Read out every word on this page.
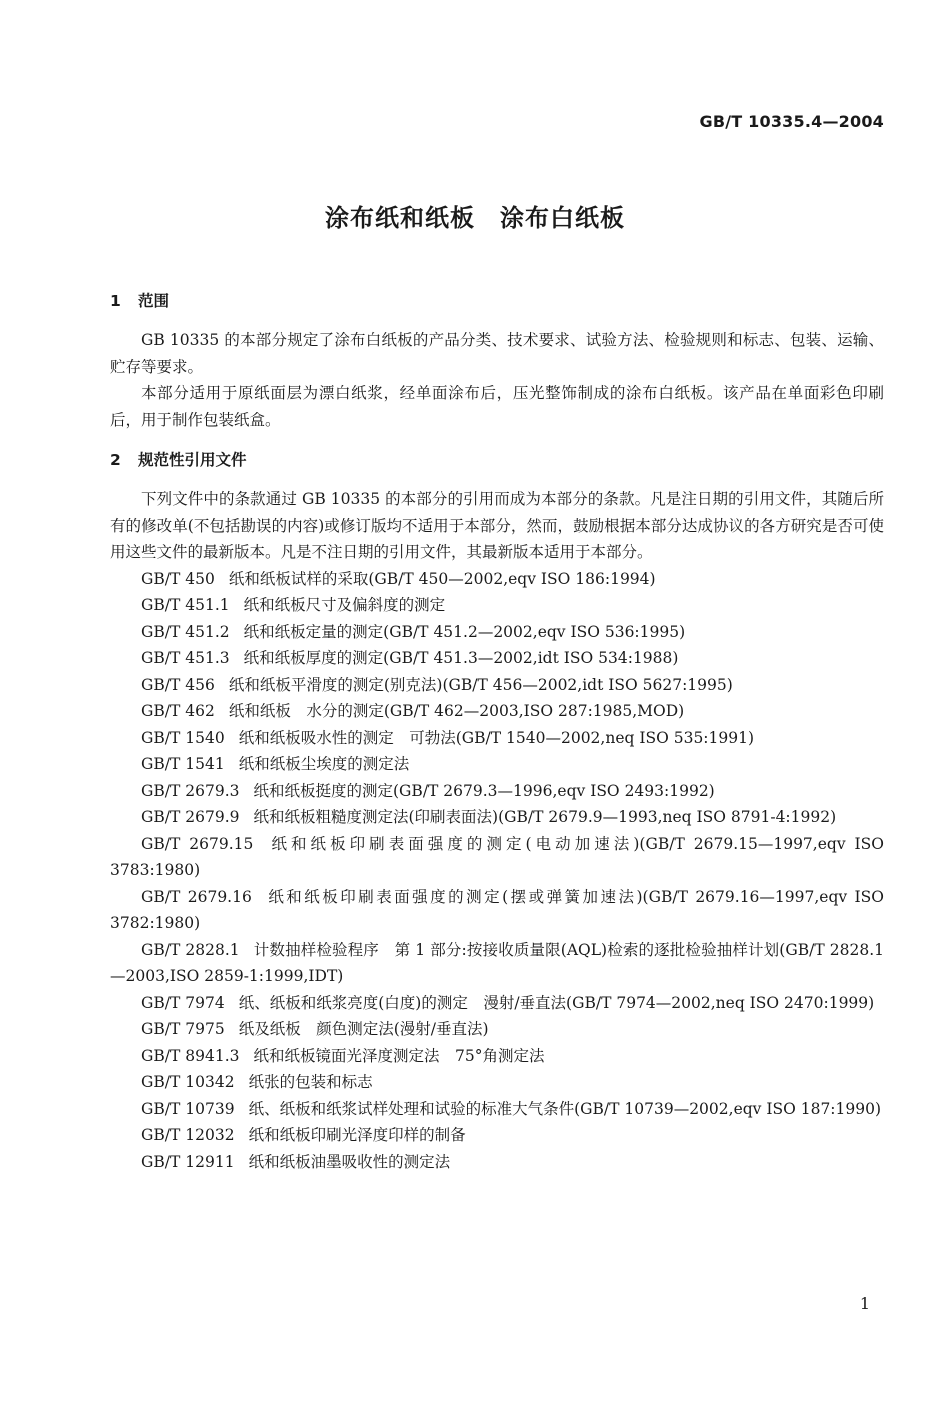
GB/T 10335.4—2004
涂布纸和纸板　涂布白纸板
1 范围

GB 10335 的本部分规定了涂布白纸板的产品分类、技术要求、试验方法、检验规则和标志、包装、运输、贮存等要求。

本部分适用于原纸面层为漂白纸浆，经单面涂布后，压光整饰制成的涂布白纸板。该产品在单面彩色印刷后，用于制作包装纸盒。

2 规范性引用文件

下列文件中的条款通过 GB 10335 的本部分的引用而成为本部分的条款。凡是注日期的引用文件，其随后所有的修改单(不包括勘误的内容)或修订版均不适用于本部分，然而，鼓励根据本部分达成协议的各方研究是否可使用这些文件的最新版本。凡是不注日期的引用文件，其最新版本适用于本部分。

GB/T 450 纸和纸板试样的采取(GB/T 450—2002,eqv ISO 186:1994)
GB/T 451.1 纸和纸板尺寸及偏斜度的测定
GB/T 451.2 纸和纸板定量的测定(GB/T 451.2—2002,eqv ISO 536:1995)
GB/T 451.3 纸和纸板厚度的测定(GB/T 451.3—2002,idt ISO 534:1988)
GB/T 456 纸和纸板平滑度的测定(别克法)(GB/T 456—2002,idt ISO 5627:1995)
GB/T 462 纸和纸板　水分的测定(GB/T 462—2003,ISO 287:1985,MOD)
GB/T 1540 纸和纸板吸水性的测定　可勃法(GB/T 1540—2002,neq ISO 535:1991)
GB/T 1541 纸和纸板尘埃度的测定法
GB/T 2679.3 纸和纸板挺度的测定(GB/T 2679.3—1996,eqv ISO 2493:1992)
GB/T 2679.9 纸和纸板粗糙度测定法(印刷表面法)(GB/T 2679.9—1993,neq ISO 8791-4:1992)
GB/T 2679.15 纸和纸板印刷表面强度的测定(电动加速法)(GB/T 2679.15—1997,eqv ISO 3783:1980)
GB/T 2679.16 纸和纸板印刷表面强度的测定(摆或弹簧加速法)(GB/T 2679.16—1997,eqv ISO 3782:1980)
GB/T 2828.1 计数抽样检验程序　第 1 部分:按接收质量限(AQL)检索的逐批检验抽样计划(GB/T 2828.1—2003,ISO 2859-1:1999,IDT)
GB/T 7974 纸、纸板和纸浆亮度(白度)的测定　漫射/垂直法(GB/T 7974—2002,neq ISO 2470:1999)
GB/T 7975 纸及纸板　颜色测定法(漫射/垂直法)
GB/T 8941.3 纸和纸板镜面光泽度测定法　75°角测定法
GB/T 10342 纸张的包装和标志
GB/T 10739 纸、纸板和纸浆试样处理和试验的标准大气条件(GB/T 10739—2002,eqv ISO 187:1990)
GB/T 12032 纸和纸板印刷光泽度印样的制备
GB/T 12911 纸和纸板油墨吸收性的测定法
1
